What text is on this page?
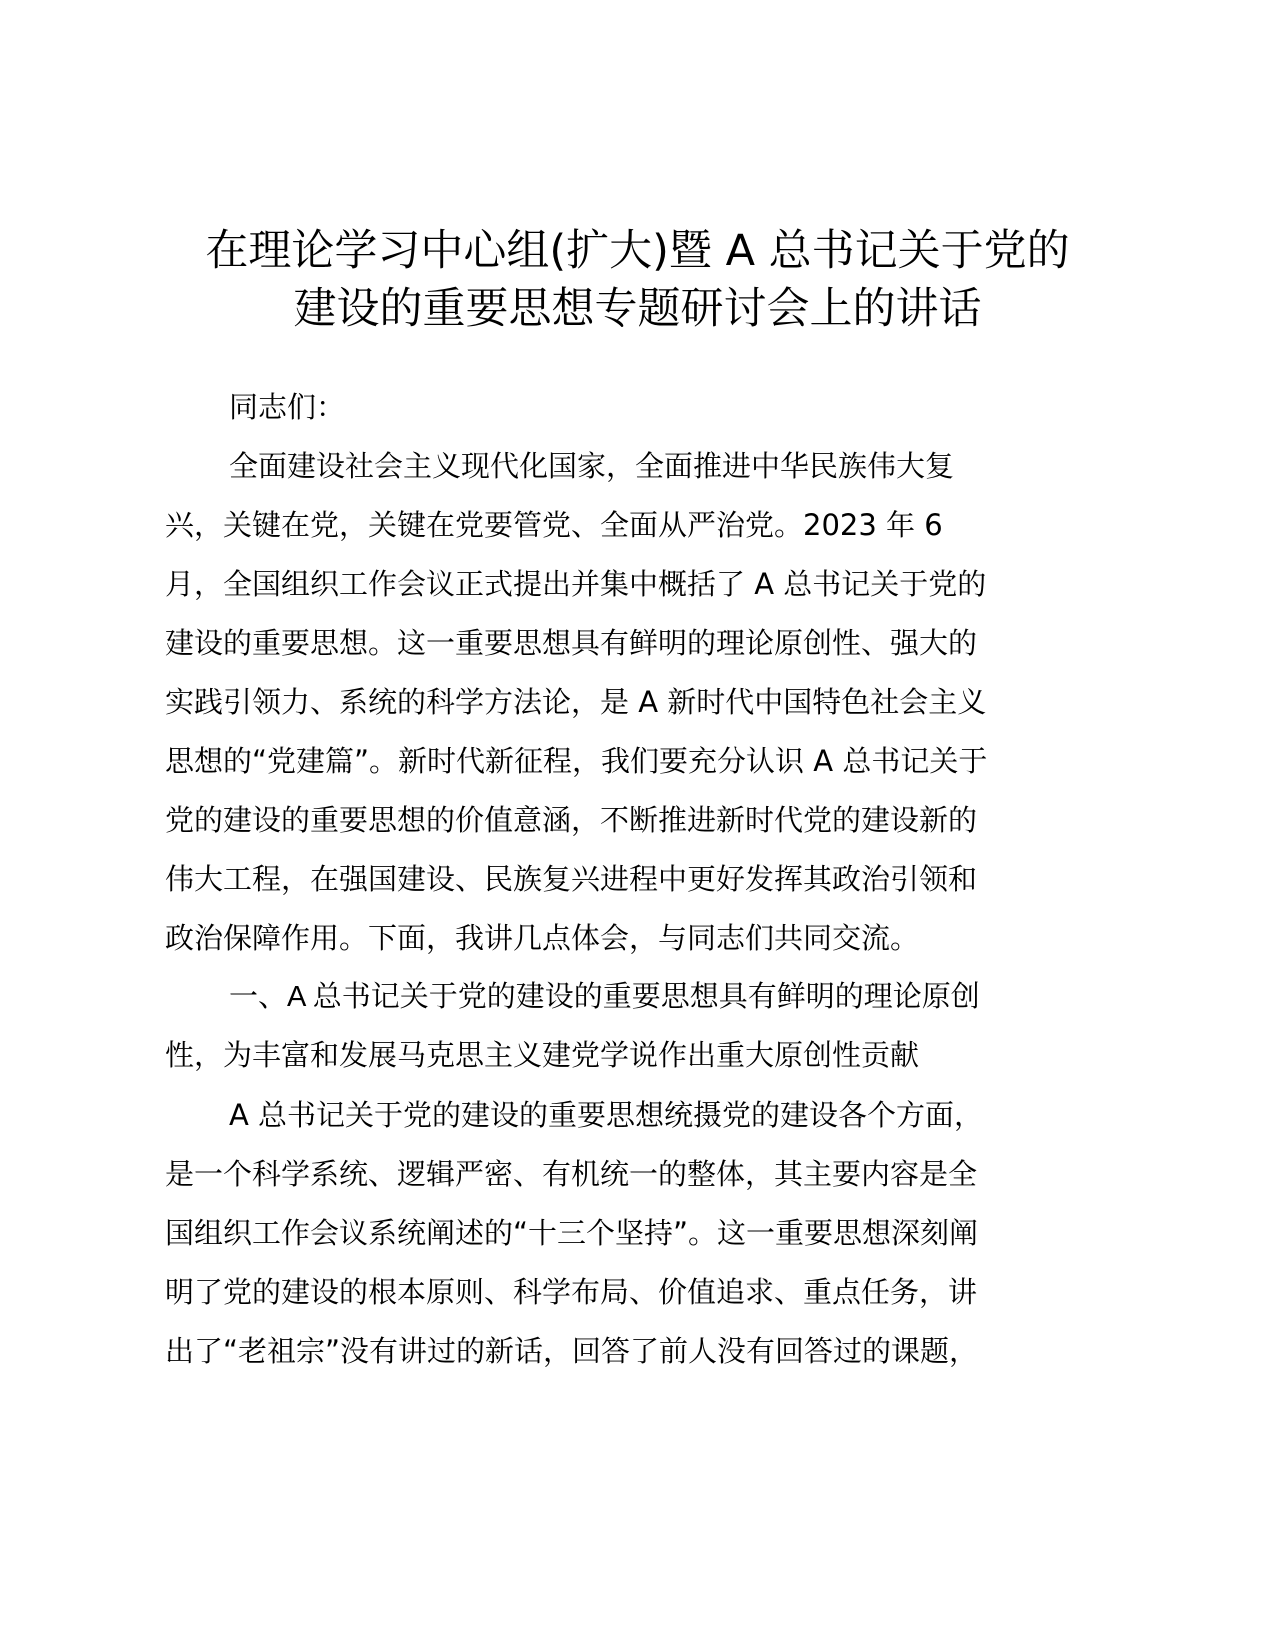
在理论学习中心组(扩大)暨 A 总书记关于党的
建设的重要思想专题研讨会上的讲话
同志们：
全面建设社会主义现代化国家，全面推进中华民族伟大复
兴，关键在党，关键在党要管党、全面从严治党。2023 年 6
月，全国组织工作会议正式提出并集中概括了 A 总书记关于党的
建设的重要思想。这一重要思想具有鲜明的理论原创性、强大的
实践引领力、系统的科学方法论，是 A 新时代中国特色社会主义
思想的“党建篇”。新时代新征程，我们要充分认识 A 总书记关于
党的建设的重要思想的价值意涵，不断推进新时代党的建设新的
伟大工程，在强国建设、民族复兴进程中更好发挥其政治引领和
政治保障作用。下面，我讲几点体会，与同志们共同交流。
一、A 总书记关于党的建设的重要思想具有鲜明的理论原创
性，为丰富和发展马克思主义建党学说作出重大原创性贡献
A 总书记关于党的建设的重要思想统摄党的建设各个方面，
是一个科学系统、逻辑严密、有机统一的整体，其主要内容是全
国组织工作会议系统阐述的“十三个坚持”。这一重要思想深刻阐
明了党的建设的根本原则、科学布局、价值追求、重点任务，讲
出了“老祖宗”没有讲过的新话，回答了前人没有回答过的课题，
